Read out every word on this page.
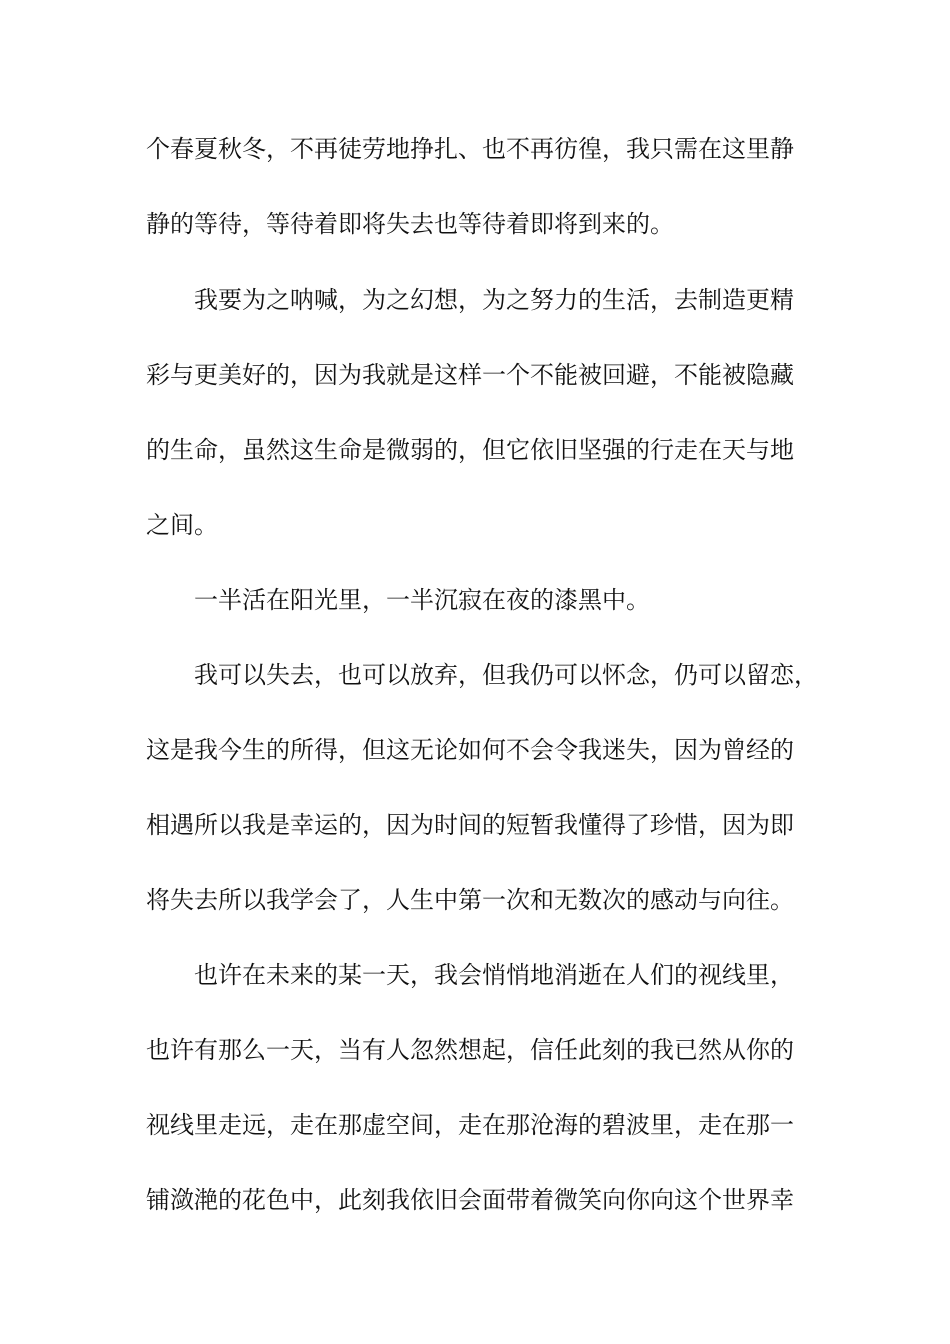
个春夏秋冬，不再徒劳地挣扎、也不再彷徨，我只需在这里静
静的等待，等待着即将失去也等待着即将到来的。
我要为之呐喊，为之幻想，为之努力的生活，去制造更精
彩与更美好的，因为我就是这样一个不能被回避，不能被隐藏
的生命，虽然这生命是微弱的，但它依旧坚强的行走在天与地
之间。
一半活在阳光里，一半沉寂在夜的漆黑中。
我可以失去，也可以放弃，但我仍可以怀念，仍可以留恋，
这是我今生的所得，但这无论如何不会令我迷失，因为曾经的
相遇所以我是幸运的，因为时间的短暂我懂得了珍惜，因为即
将失去所以我学会了，人生中第一次和无数次的感动与向往。
也许在未来的某一天，我会悄悄地消逝在人们的视线里，
也许有那么一天，当有人忽然想起，信任此刻的我已然从你的
视线里走远，走在那虚空间，走在那沧海的碧波里，走在那一
铺潋滟的花色中，此刻我依旧会面带着微笑向你向这个世界幸
